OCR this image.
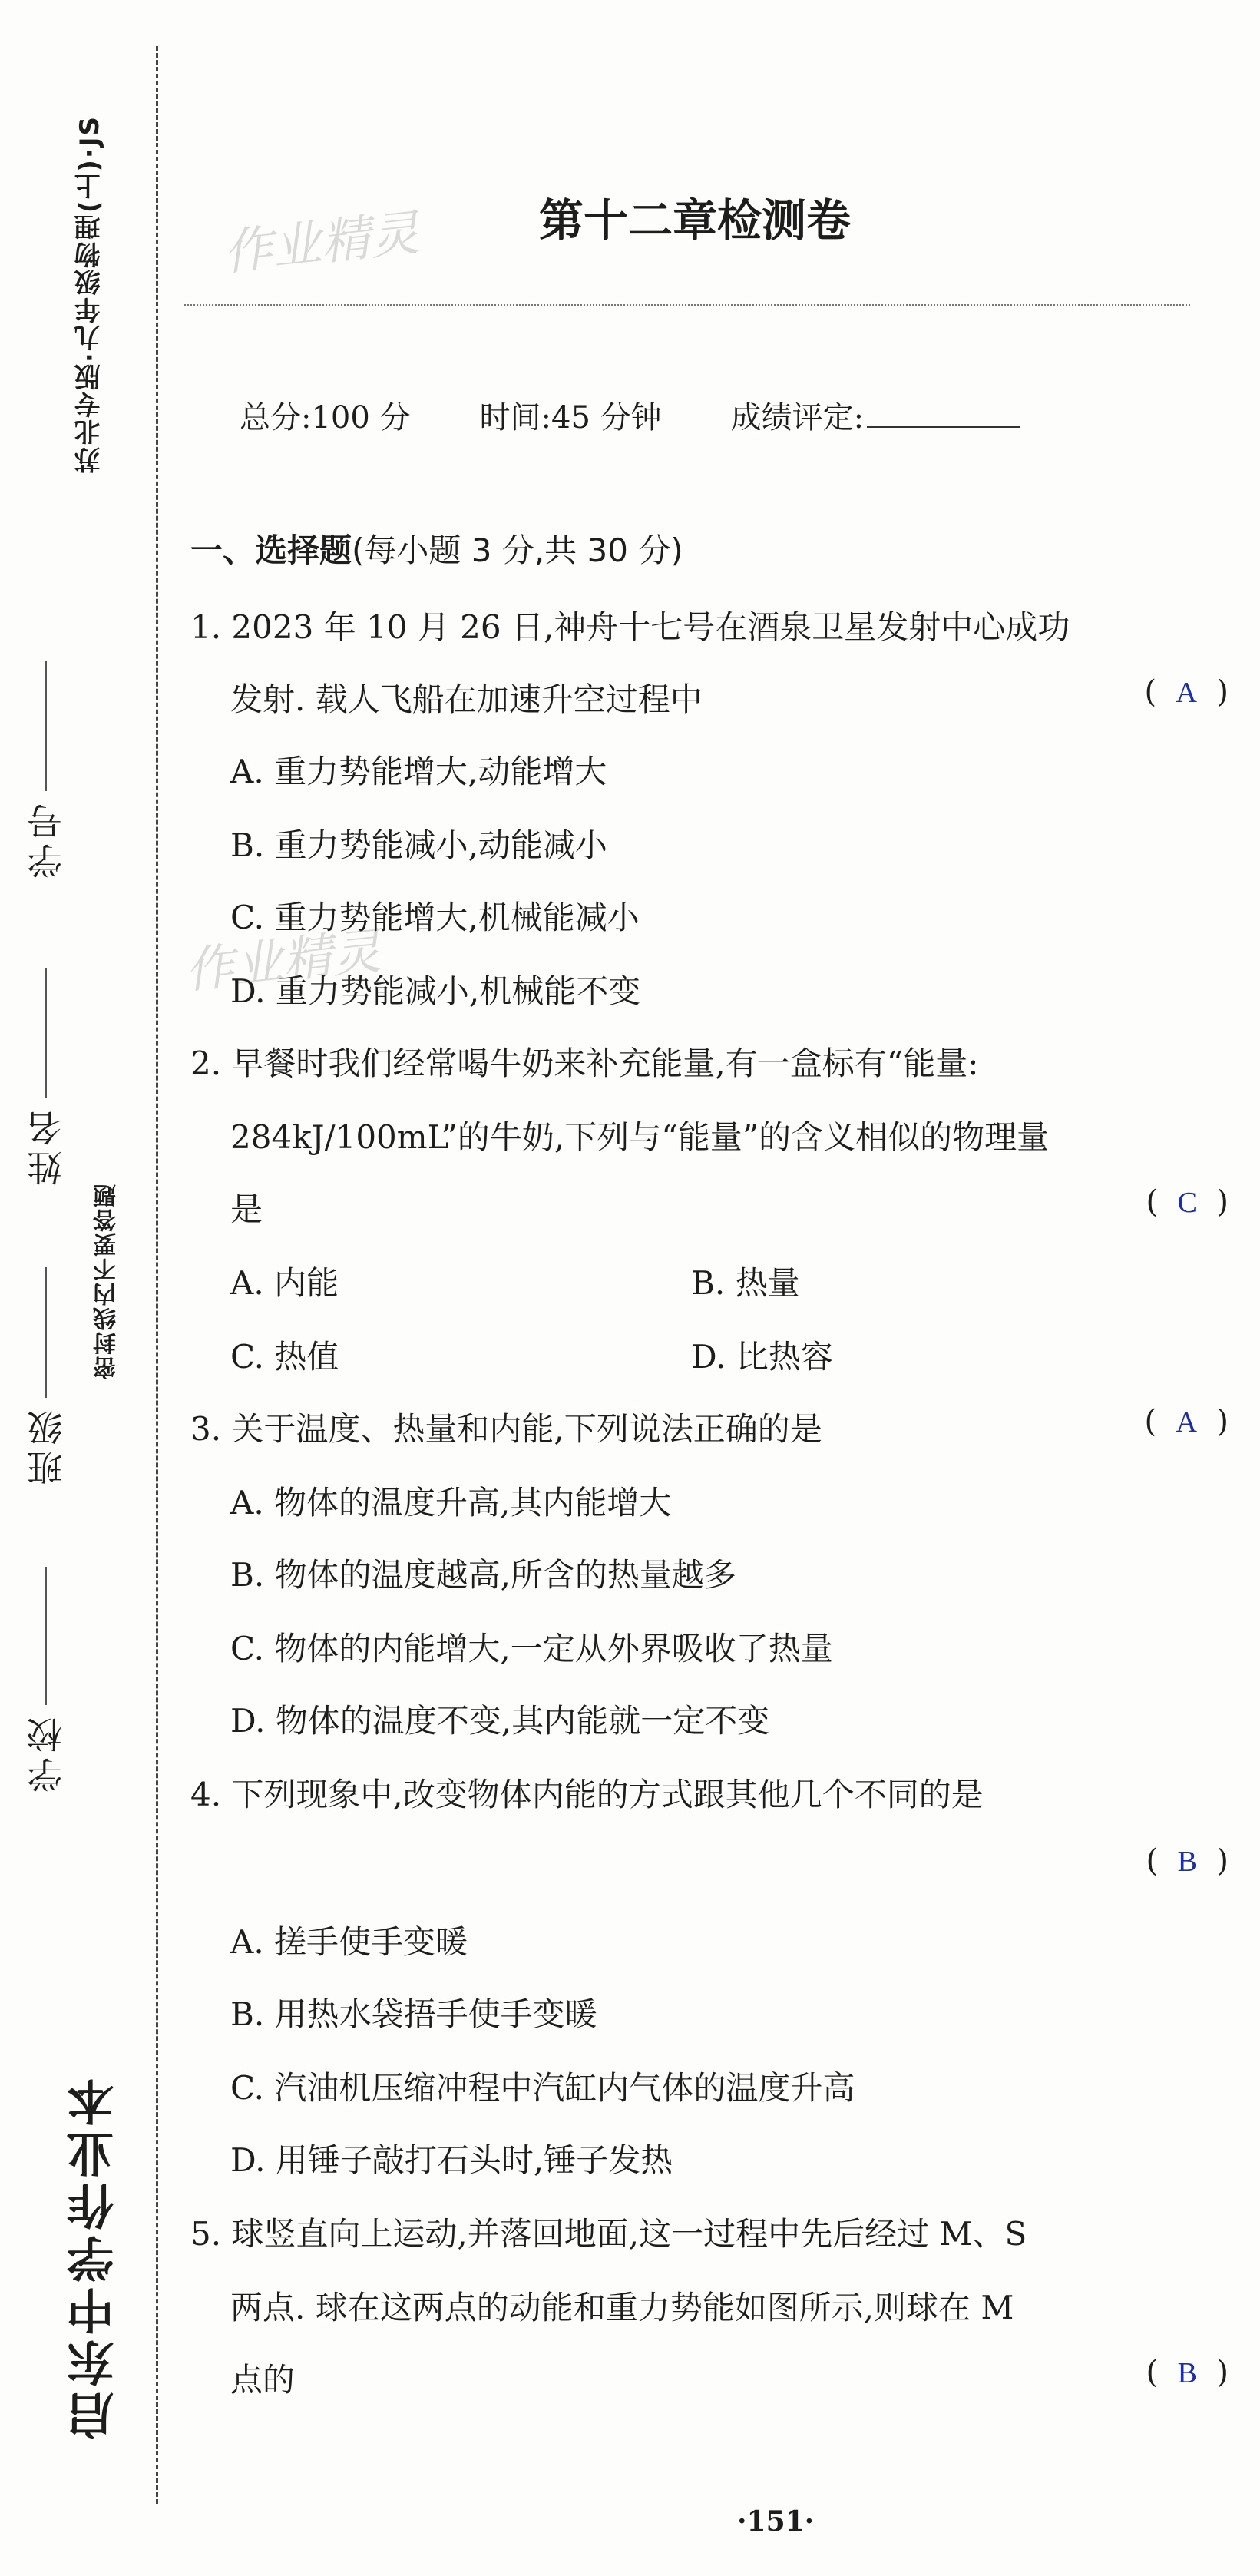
苏北专版·九年级物理(上)·JS
学号
姓名
班级
学校
密封线内不要答题
启东中学作业本
作业精灵
作业精灵
第十二章检测卷
总分:100 分 时间:45 分钟 成绩评定:
一、选择题(每小题 3 分,共 30 分)
1. 2023 年 10 月 26 日,神舟十七号在酒泉卫星发射中心成功
发射. 载人飞船在加速升空过程中	(  A  )
A. 重力势能增大,动能增大
B. 重力势能减小,动能减小
C. 重力势能增大,机械能减小
D. 重力势能减小,机械能不变
2. 早餐时我们经常喝牛奶来补充能量,有一盒标有“能量:
284kJ/100mL”的牛奶,下列与“能量”的含义相似的物理量
是	(  C  )
A. 内能	B. 热量
C. 热值	D. 比热容
3. 关于温度、热量和内能,下列说法正确的是	(  A  )
A. 物体的温度升高,其内能增大
B. 物体的温度越高,所含的热量越多
C. 物体的内能增大,一定从外界吸收了热量
D. 物体的温度不变,其内能就一定不变
4. 下列现象中,改变物体内能的方式跟其他几个不同的是
(  B  )
A. 搓手使手变暖
B. 用热水袋捂手使手变暖
C. 汽油机压缩冲程中汽缸内气体的温度升高
D. 用锤子敲打石头时,锤子发热
5. 球竖直向上运动,并落回地面,这一过程中先后经过 M、S
两点. 球在这两点的动能和重力势能如图所示,则球在 M
点的	(  B  )
·151·
